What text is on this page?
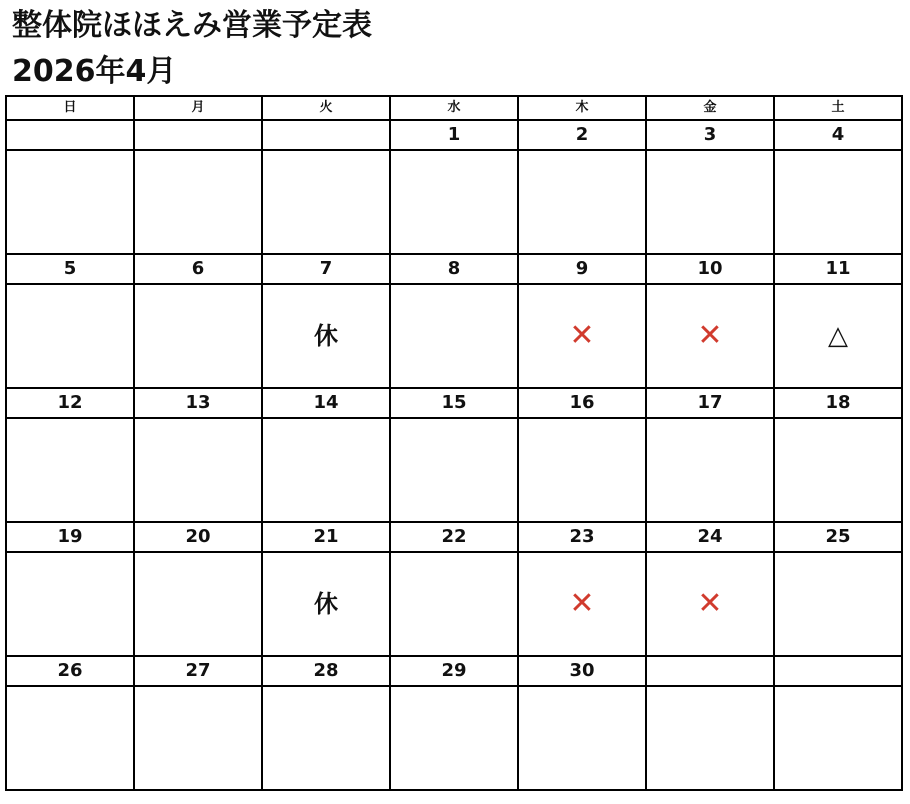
整体院ほほえみ営業予定表
2026年4月
日	月	火	水	木	金	土
			1	2	3	4

5	6	7	8	9	10	11
		休		✕	✕	△
12	13	14	15	16	17	18

19	20	21	22	23	24	25
		休		✕	✕	
26	27	28	29	30		
